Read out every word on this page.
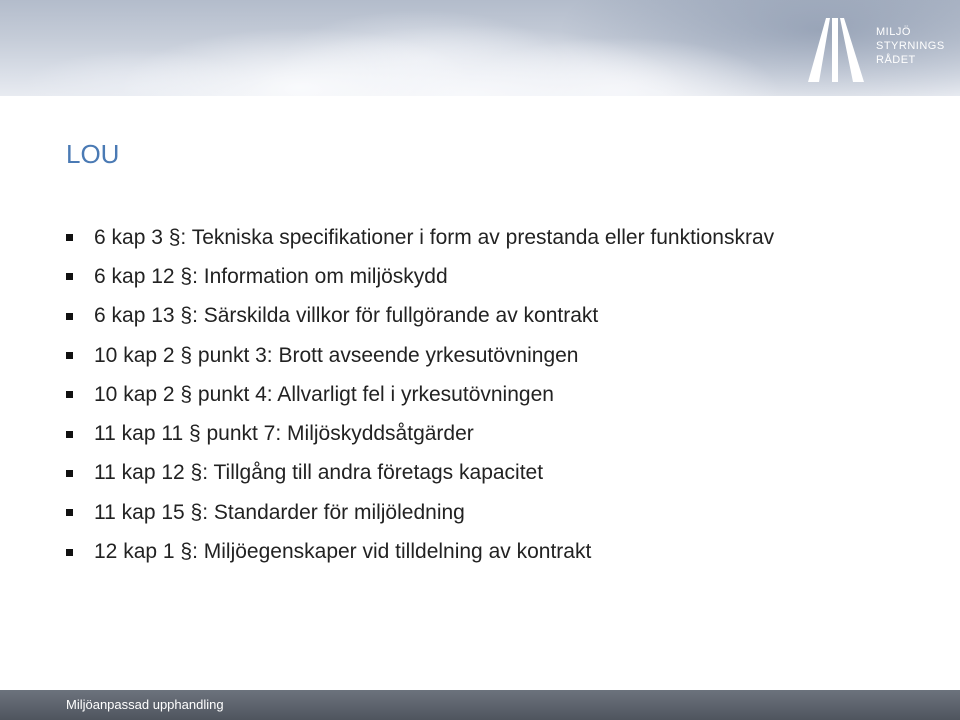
MILJÖ
STYRNINGS
RÅDET
LOU
6 kap 3 §: Tekniska specifikationer i form av prestanda eller funktionskrav
6 kap 12 §: Information om miljöskydd
6 kap 13 §: Särskilda villkor för fullgörande av kontrakt
10 kap 2 § punkt 3: Brott avseende yrkesutövningen
10 kap 2 § punkt 4: Allvarligt fel i yrkesutövningen
11 kap 11 § punkt 7: Miljöskyddsåtgärder
11 kap 12 §: Tillgång till andra företags kapacitet
11 kap 15 §: Standarder för miljöledning
12 kap 1 §: Miljöegenskaper vid tilldelning av kontrakt
Miljöanpassad upphandling
